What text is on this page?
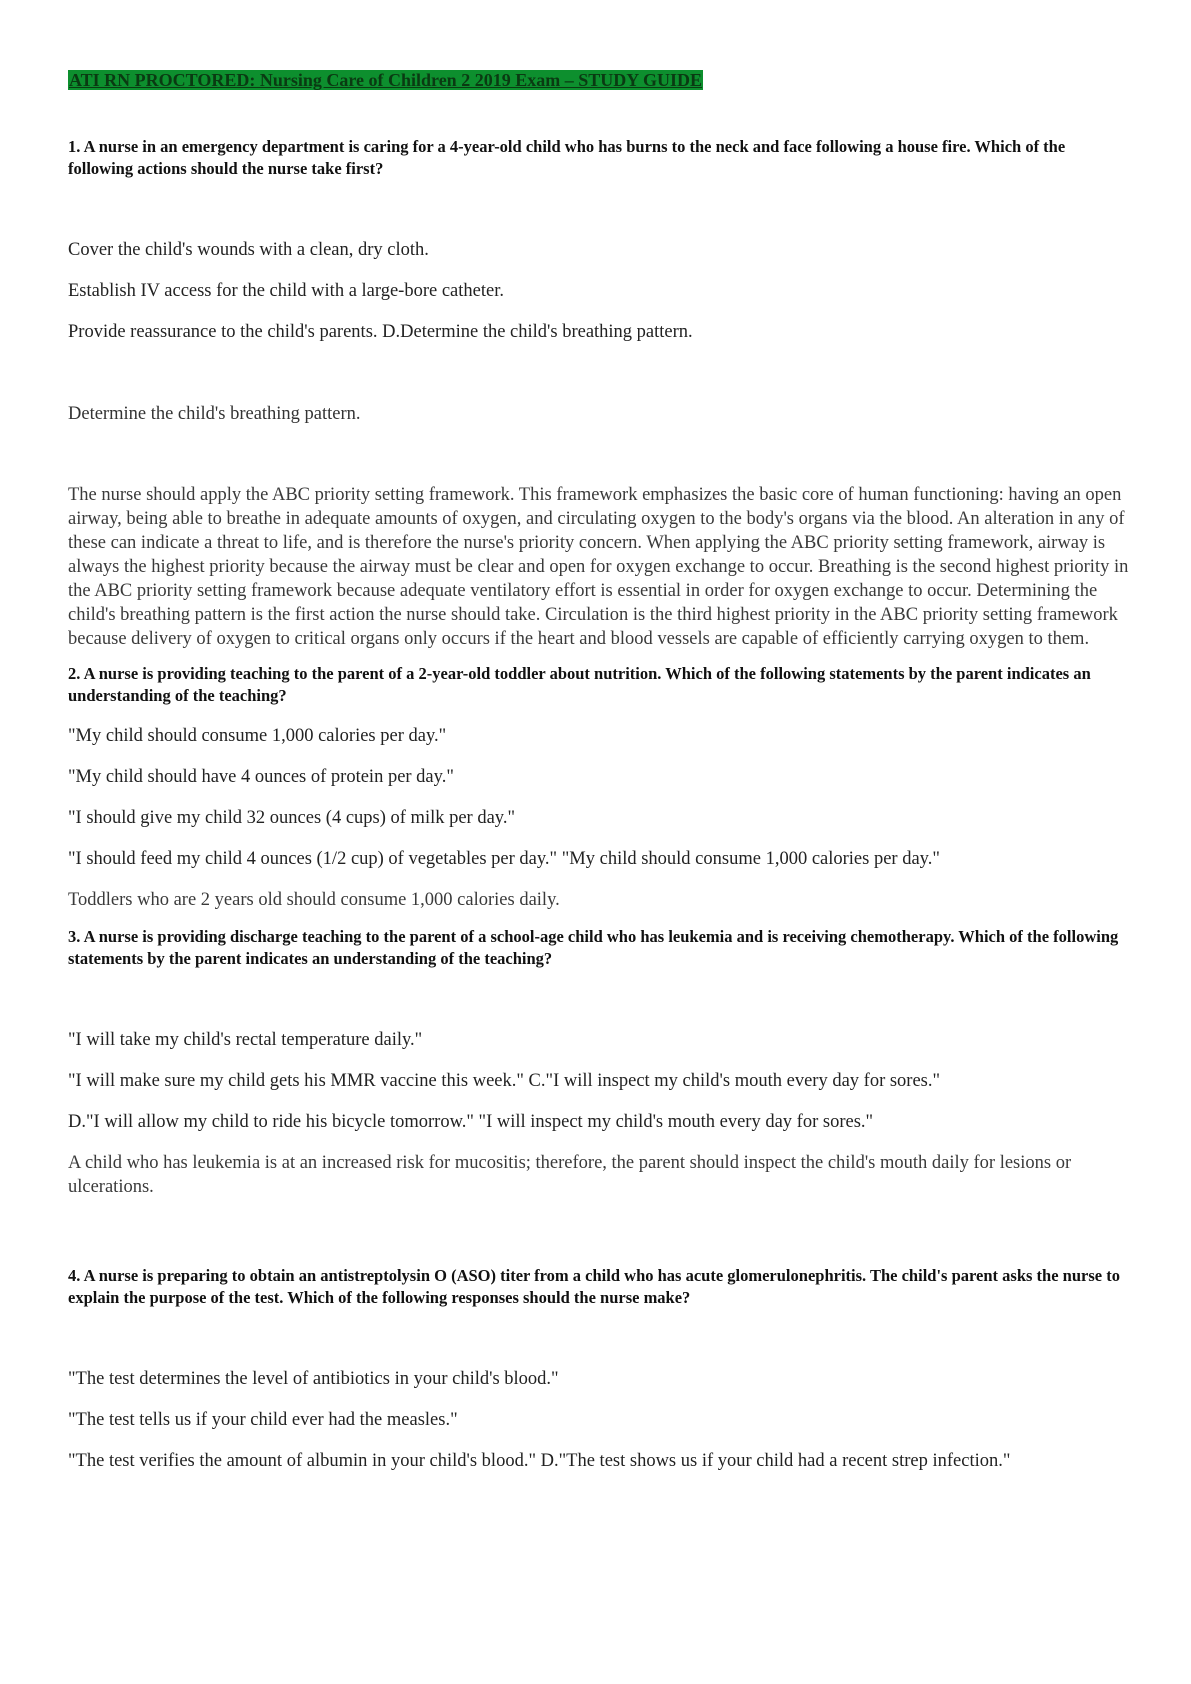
ATI RN PROCTORED: Nursing Care of Children 2 2019 Exam – STUDY GUIDE

1. A nurse in an emergency department is caring for a 4-year-old child who has burns to the neck and face following a house fire. Which of the following actions should the nurse take first?

Cover the child's wounds with a clean, dry cloth.

Establish IV access for the child with a large-bore catheter.

Provide reassurance to the child's parents. D.Determine the child's breathing pattern.

Determine the child's breathing pattern.

The nurse should apply the ABC priority setting framework. This framework emphasizes the basic core of human functioning: having an open airway, being able to breathe in adequate amounts of oxygen, and circulating oxygen to the body's organs via the blood. An alteration in any of these can indicate a threat to life, and is therefore the nurse's priority concern. When applying the ABC priority setting framework, airway is always the highest priority because the airway must be clear and open for oxygen exchange to occur. Breathing is the second highest priority in the ABC priority setting framework because adequate ventilatory effort is essential in order for oxygen exchange to occur. Determining the child's breathing pattern is the first action the nurse should take. Circulation is the third highest priority in the ABC priority setting framework because delivery of oxygen to critical organs only occurs if the heart and blood vessels are capable of efficiently carrying oxygen to them.

2. A nurse is providing teaching to the parent of a 2-year-old toddler about nutrition. Which of the following statements by the parent indicates an understanding of the teaching?

"My child should consume 1,000 calories per day."

"My child should have 4 ounces of protein per day."

"I should give my child 32 ounces (4 cups) of milk per day."

"I should feed my child 4 ounces (1/2 cup) of vegetables per day." "My child should consume 1,000 calories per day."

Toddlers who are 2 years old should consume 1,000 calories daily.

3. A nurse is providing discharge teaching to the parent of a school-age child who has leukemia and is receiving chemotherapy. Which of the following statements by the parent indicates an understanding of the teaching?

"I will take my child's rectal temperature daily."

"I will make sure my child gets his MMR vaccine this week." C."I will inspect my child's mouth every day for sores."

D."I will allow my child to ride his bicycle tomorrow." "I will inspect my child's mouth every day for sores."

A child who has leukemia is at an increased risk for mucositis; therefore, the parent should inspect the child's mouth daily for lesions or ulcerations.

4. A nurse is preparing to obtain an antistreptolysin O (ASO) titer from a child who has acute glomerulonephritis. The child's parent asks the nurse to explain the purpose of the test. Which of the following responses should the nurse make?

"The test determines the level of antibiotics in your child's blood."

"The test tells us if your child ever had the measles."

"The test verifies the amount of albumin in your child's blood." D."The test shows us if your child had a recent strep infection."
